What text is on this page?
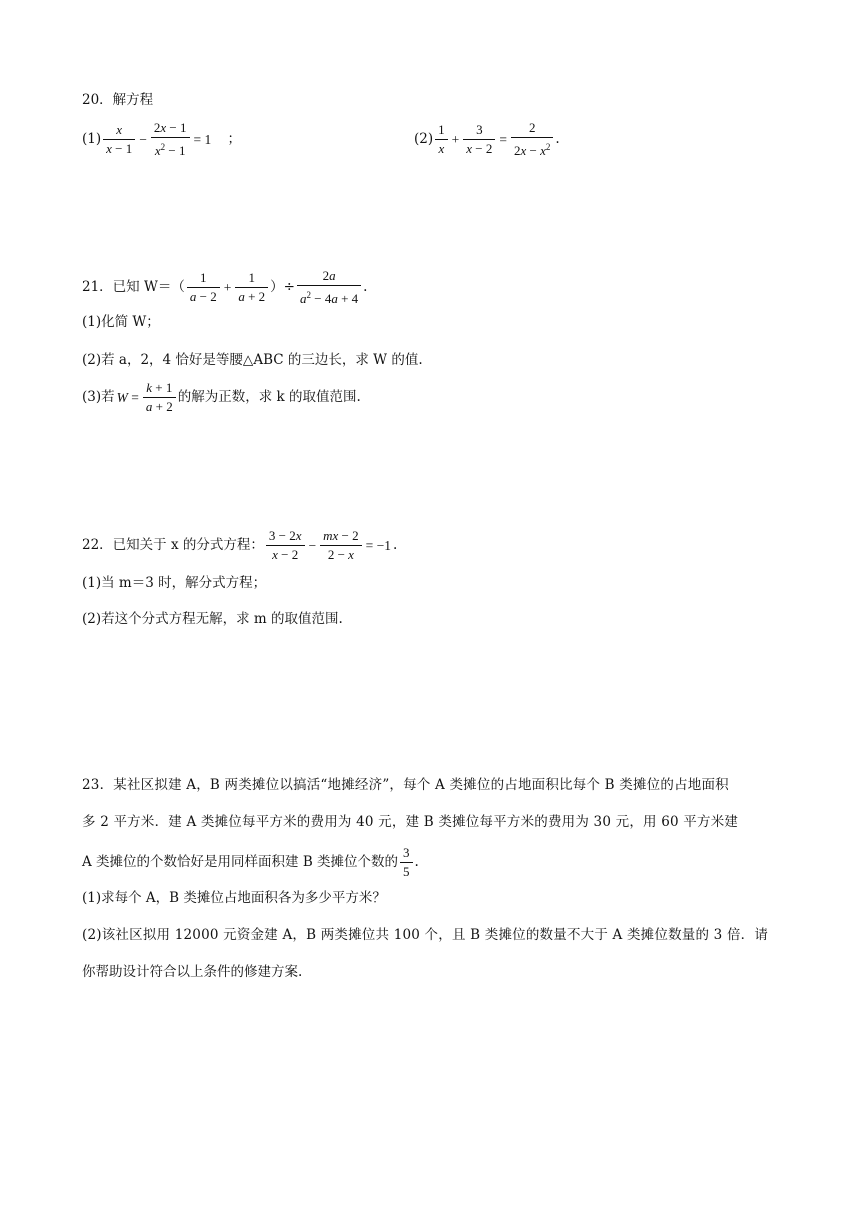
20．解方程
$(1) \frac{x}{x - 1} - \frac{2x - 1}{x^2 - 1} = 1$ ；	$(2) \frac{1}{x} + \frac{3}{x - 2} = \frac{2}{2x - x^2}$ .
21．已知 $W=( \frac{1}{a - 2} + \frac{1}{a + 2}$ ）÷ $\frac{2a}{a^2 - 4a + 4}$ .
(1)化简 W；
(2)若 a，2，4 恰好是等腰△ABC 的三边长，求 W 的值.
(3)若 $W = \frac{k + 1}{a + 2}$ 的解为正数，求 k 的取值范围.
22．已知关于 x 的分式方程： $\frac{3 - 2x}{x - 2} - \frac{mx - 2}{2 - x} = -1$ .
(1)当 m＝3 时，解分式方程；
(2)若这个分式方程无解，求 m 的取值范围.
23．某社区拟建 A，B 两类摊位以搞活“地摊经济”，每个 A 类摊位的占地面积比每个 B 类摊位的占地面积
多 2 平方米．建 A 类摊位每平方米的费用为 40 元，建 B 类摊位每平方米的费用为 30 元，用 60 平方米建
A 类摊位的个数恰好是用同样面积建 B 类摊位个数的 $\frac{3}{5}$ .
(1)求每个 A，B 类摊位占地面积各为多少平方米？
(2)该社区拟用 12000 元资金建 A，B 两类摊位共 100 个，且 B 类摊位的数量不大于 A 类摊位数量的 3 倍．请
你帮助设计符合以上条件的修建方案.
